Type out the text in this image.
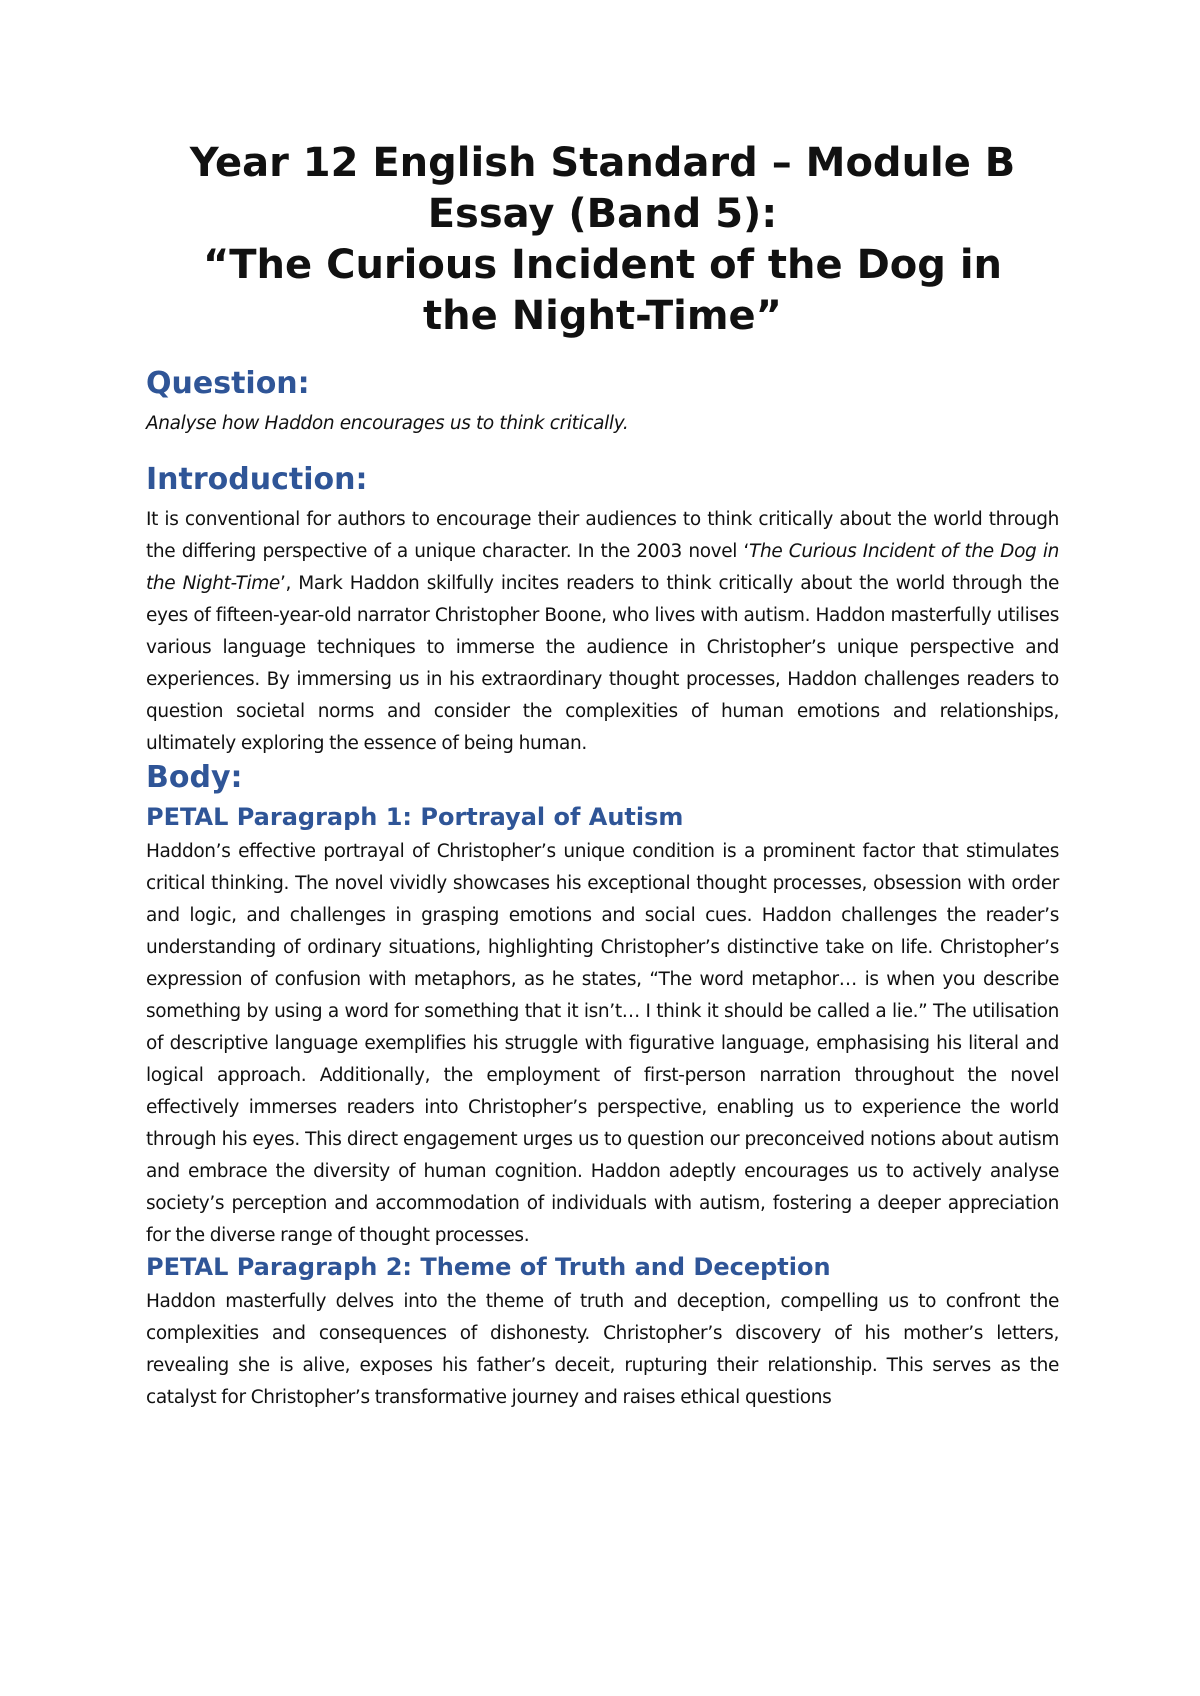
Year 12 English Standard – Module B
Essay (Band 5):
“The Curious Incident of the Dog in
the Night-Time”
Question:

Analyse how Haddon encourages us to think critically.

Introduction:

It is conventional for authors to encourage their audiences to think critically about the world through the differing perspective of a unique character. In the 2003 novel ‘The Curious Incident of the Dog in the Night-Time’, Mark Haddon skilfully incites readers to think critically about the world through the eyes of fifteen-year-old narrator Christopher Boone, who lives with autism. Haddon masterfully utilises various language techniques to immerse the audience in Christopher’s unique perspective and experiences. By immersing us in his extraordinary thought processes, Haddon challenges readers to question societal norms and consider the complexities of human emotions and relationships, ultimately exploring the essence of being human.

Body:
PETAL Paragraph 1: Portrayal of Autism

Haddon’s effective portrayal of Christopher’s unique condition is a prominent factor that stimulates critical thinking. The novel vividly showcases his exceptional thought processes, obsession with order and logic, and challenges in grasping emotions and social cues. Haddon challenges the reader’s understanding of ordinary situations, highlighting Christopher’s distinctive take on life. Christopher’s expression of confusion with metaphors, as he states, “The word metaphor… is when you describe something by using a word for something that it isn’t… I think it should be called a lie.” The utilisation of descriptive language exemplifies his struggle with figurative language, emphasising his literal and logical approach. Additionally, the employment of first-person narration throughout the novel effectively immerses readers into Christopher’s perspective, enabling us to experience the world through his eyes. This direct engagement urges us to question our preconceived notions about autism and embrace the diversity of human cognition. Haddon adeptly encourages us to actively analyse society’s perception and accommodation of individuals with autism, fostering a deeper appreciation for the diverse range of thought processes.

PETAL Paragraph 2: Theme of Truth and Deception

Haddon masterfully delves into the theme of truth and deception, compelling us to confront the complexities and consequences of dishonesty. Christopher’s discovery of his mother’s letters, revealing she is alive, exposes his father’s deceit, rupturing their relationship. This serves as the catalyst for Christopher’s transformative journey and raises ethical questions
